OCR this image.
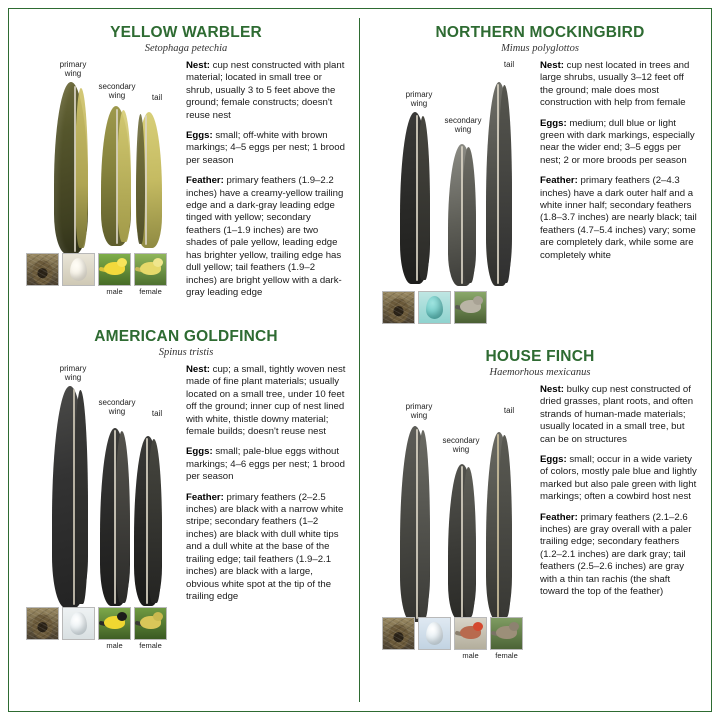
YELLOW WARBLER
Setophaga petechia
primary
wing
secondary
wing	tail
male	female

Nest: cup nest constructed with plant material; located in small tree or shrub, usually 3 to 5 feet above the ground; female constructs; doesn't reuse nest

Eggs: small; off-white with brown markings; 4–5 eggs per nest; 1 brood per season

Feather: primary feathers (1.9–2.2 inches) have a creamy-yellow trailing edge and a dark-gray leading edge tinged with yellow; secondary feathers (1–1.9 inches) are two shades of pale yellow, leading edge has brighter yellow, trailing edge has dull yellow; tail feathers (1.9–2 inches) are bright yellow with a dark-gray leading edge

AMERICAN GOLDFINCH
Spinus tristis
primary
wing
secondary
wing	tail
male	female

Nest: cup; a small, tightly woven nest made of fine plant materials; usually located on a small tree, under 10 feet off the ground; inner cup of nest lined with white, thistle downy material; female builds; doesn't reuse nest

Eggs: small; pale-blue eggs without markings; 4–6 eggs per nest; 1 brood per season

Feather: primary feathers (2–2.5 inches) are black with a narrow white stripe; secondary feathers (1–2 inches) are black with dull white tips and a dull white at the base of the trailing edge; tail feathers (1.9–2.1 inches) are black with a large, obvious white spot at the tip of the trailing edge

NORTHERN MOCKINGBIRD
Mimus polyglottos
primary
wing
secondary
wing
tail	Nest: cup nest located in trees and large shrubs, usually 3–12 feet off the ground; male does most construction with help from female

Eggs: medium; dull blue or light green with dark markings, especially near the wider end; 3–5 eggs per nest; 2 or more broods per season

Feather: primary feathers (2–4.3 inches) have a dark outer half and a white inner half; secondary feathers (1.8–3.7 inches) are nearly black; tail feathers (4.7–5.4 inches) vary; some are completely dark, while some are completely white

HOUSE FINCH
Haemorhous mexicanus
primary
wing
secondary
wing
tail
male	female

Nest: bulky cup nest constructed of dried grasses, plant roots, and often strands of human-made materials; usually located in a small tree, but can be on structures

Eggs: small; occur in a wide variety of colors, mostly pale blue and lightly marked but also pale green with light markings; often a cowbird host nest

Feather: primary feathers (2.1–2.6 inches) are gray overall with a paler trailing edge; secondary feathers (1.2–2.1 inches) are dark gray; tail feathers (2.5–2.6 inches) are gray with a thin tan rachis (the shaft toward the top of the feather)
